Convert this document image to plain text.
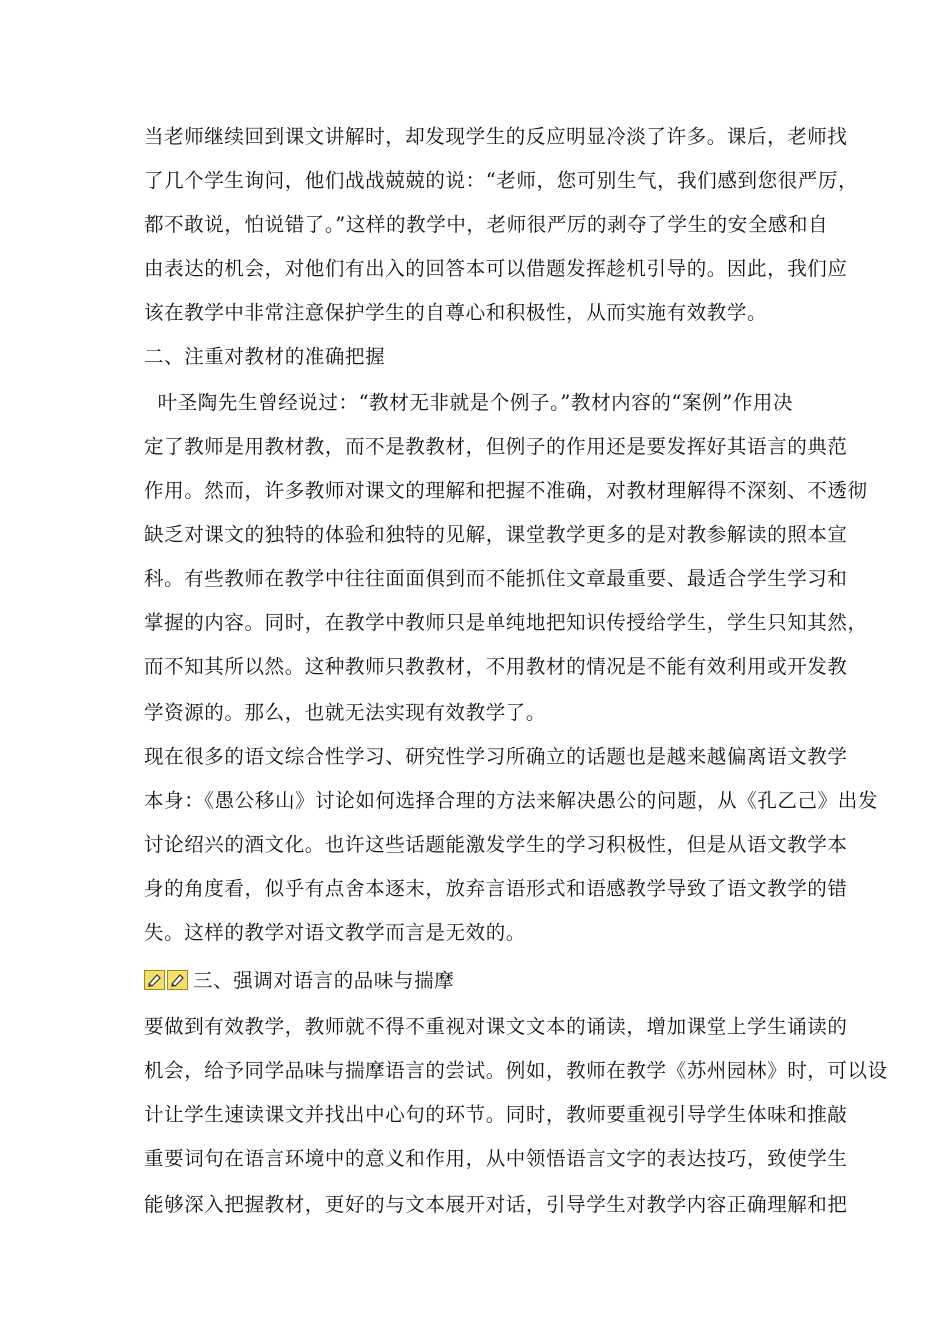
当老师继续回到课文讲解时，却发现学生的反应明显冷淡了许多。课后，老师找
了几个学生询问，他们战战兢兢的说：“老师，您可别生气，我们感到您很严厉，
都不敢说，怕说错了。”这样的教学中，老师很严厉的剥夺了学生的安全感和自
由表达的机会，对他们有出入的回答本可以借题发挥趁机引导的。因此，我们应
该在教学中非常注意保护学生的自尊心和积极性，从而实施有效教学。
二、注重对教材的准确把握
叶圣陶先生曾经说过：“教材无非就是个例子。”教材内容的“案例”作用决
定了教师是用教材教，而不是教教材，但例子的作用还是要发挥好其语言的典范
作用。然而，许多教师对课文的理解和把握不准确，对教材理解得不深刻、不透彻
缺乏对课文的独特的体验和独特的见解，课堂教学更多的是对教参解读的照本宣
科。有些教师在教学中往往面面俱到而不能抓住文章最重要、最适合学生学习和
掌握的内容。同时，在教学中教师只是单纯地把知识传授给学生，学生只知其然，
而不知其所以然。这种教师只教教材，不用教材的情况是不能有效利用或开发教
学资源的。那么，也就无法实现有效教学了。
现在很多的语文综合性学习、研究性学习所确立的话题也是越来越偏离语文教学
本身：《愚公移山》讨论如何选择合理的方法来解决愚公的问题，从《孔乙己》出发
讨论绍兴的酒文化。也许这些话题能激发学生的学习积极性，但是从语文教学本
身的角度看，似乎有点舍本逐末，放弃言语形式和语感教学导致了语文教学的错
失。这样的教学对语文教学而言是无效的。
三、强调对语言的品味与揣摩
要做到有效教学，教师就不得不重视对课文文本的诵读，增加课堂上学生诵读的
机会，给予同学品味与揣摩语言的尝试。例如，教师在教学《苏州园林》时，可以设
计让学生速读课文并找出中心句的环节。同时，教师要重视引导学生体味和推敲
重要词句在语言环境中的意义和作用，从中领悟语言文字的表达技巧，致使学生
能够深入把握教材，更好的与文本展开对话，引导学生对教学内容正确理解和把
